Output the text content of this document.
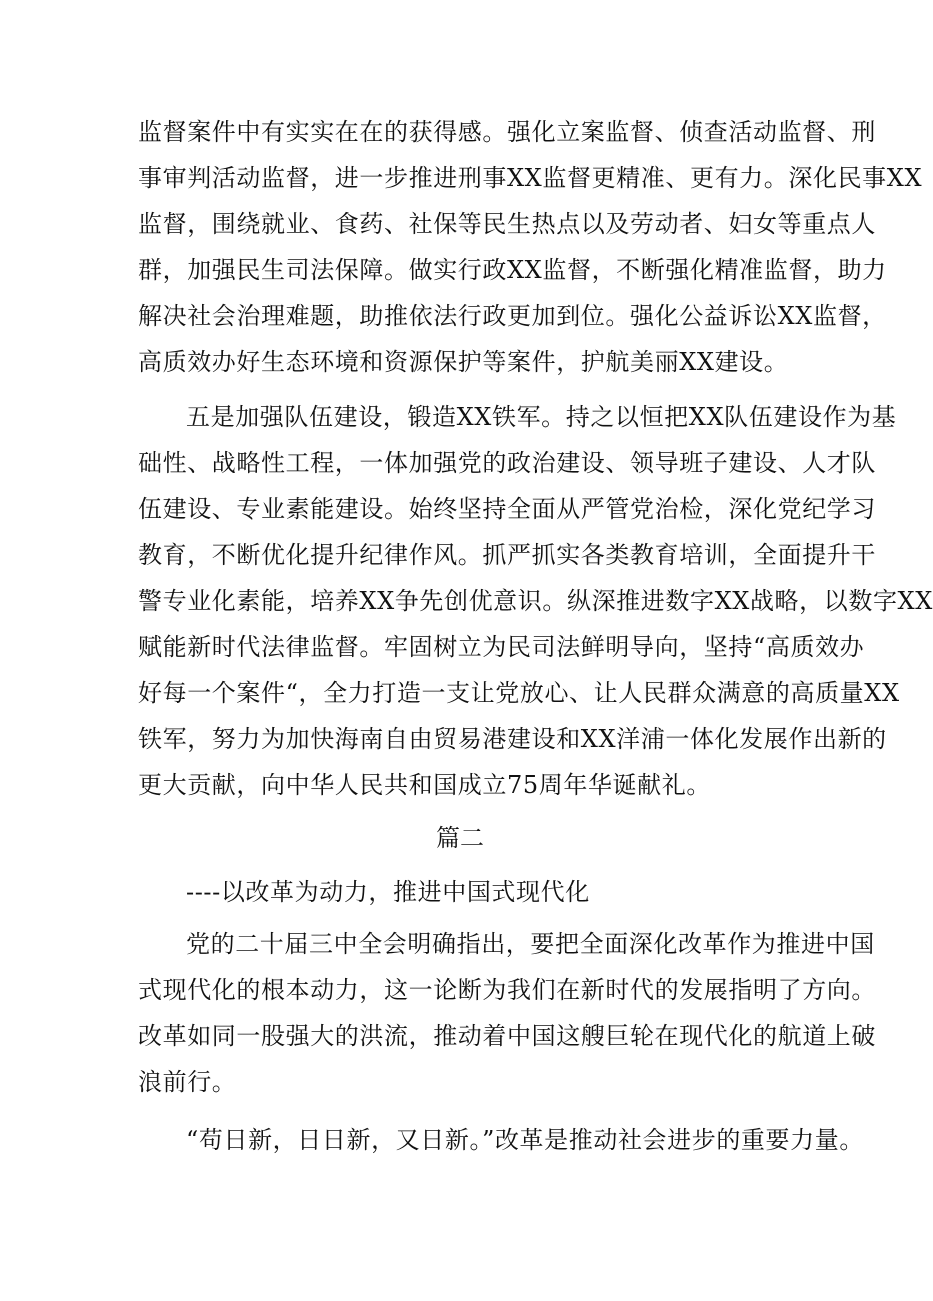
监督案件中有实实在在的获得感。强化立案监督、侦查活动监督、刑
事审判活动监督，进一步推进刑事XX监督更精准、更有力。深化民事XX
监督，围绕就业、食药、社保等民生热点以及劳动者、妇女等重点人
群，加强民生司法保障。做实行政XX监督，不断强化精准监督，助力
解决社会治理难题，助推依法行政更加到位。强化公益诉讼XX监督，
高质效办好生态环境和资源保护等案件，护航美丽XX建设。
五是加强队伍建设，锻造XX铁军。持之以恒把XX队伍建设作为基
础性、战略性工程，一体加强党的政治建设、领导班子建设、人才队
伍建设、专业素能建设。始终坚持全面从严管党治检，深化党纪学习
教育，不断优化提升纪律作风。抓严抓实各类教育培训，全面提升干
警专业化素能，培养XX争先创优意识。纵深推进数字XX战略，以数字XX
赋能新时代法律监督。牢固树立为民司法鲜明导向，坚持“高质效办
好每一个案件“，全力打造一支让党放心、让人民群众满意的高质量XX
铁军，努力为加快海南自由贸易港建设和XX洋浦一体化发展作出新的
更大贡献，向中华人民共和国成立75周年华诞献礼。
篇二
----以改革为动力，推进中国式现代化
党的二十届三中全会明确指出，要把全面深化改革作为推进中国
式现代化的根本动力，这一论断为我们在新时代的发展指明了方向。
改革如同一股强大的洪流，推动着中国这艘巨轮在现代化的航道上破
浪前行。
“苟日新，日日新，又日新。”改革是推动社会进步的重要力量。
